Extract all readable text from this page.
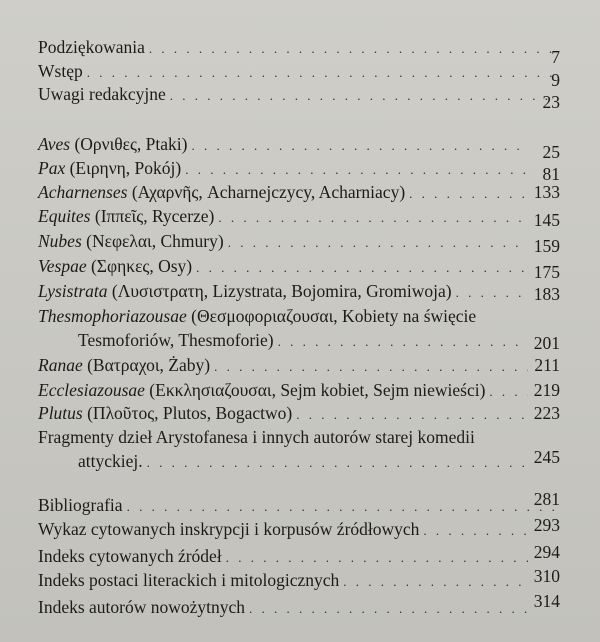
Podziękowania . . .	7
Wstęp . . .	9
Uwagi redakcyjne . . .	23
Aves (Ορνιθες, Ptaki) . . .	25
Pax (Ειρηνη, Pokój) . . .	81
Acharnenses (Αχαρνῆς, Acharnejczycy, Acharniacy) . . .	133
Equites (Ιππεῖς, Rycerze) . . .	145
Nubes (Νεφελαι, Chmury) . . .	159
Vespae (Σφηκες, Osy) . . .	175
Lysistrata (Λυσιστρατη, Lizystrata, Bojomira, Gromiwoja) . . .	183
Thesmophoriazousae (Θεσμοφοριαζουσαι, Kobiety na święcie
Tesmoforiów, Thesmoforie) . . .	201
Ranae (Βατραχοι, Żaby) . . .	211
Ecclesiazousae (Εκκλησιαζουσαι, Sejm kobiet, Sejm niewieści) . . .	219
Plutus (Πλοῦτος, Plutos, Bogactwo) . . .	223
Fragmenty dzieł Arystofanesa i innych autorów starej komedii
attyckiej. . . .	245
Bibliografia . . .	281
Wykaz cytowanych inskrypcji i korpusów źródłowych . . .	293
Indeks cytowanych źródeł . . .	294
Indeks postaci literackich i mitologicznych . . .	310
Indeks autorów nowożytnych . . .	314
